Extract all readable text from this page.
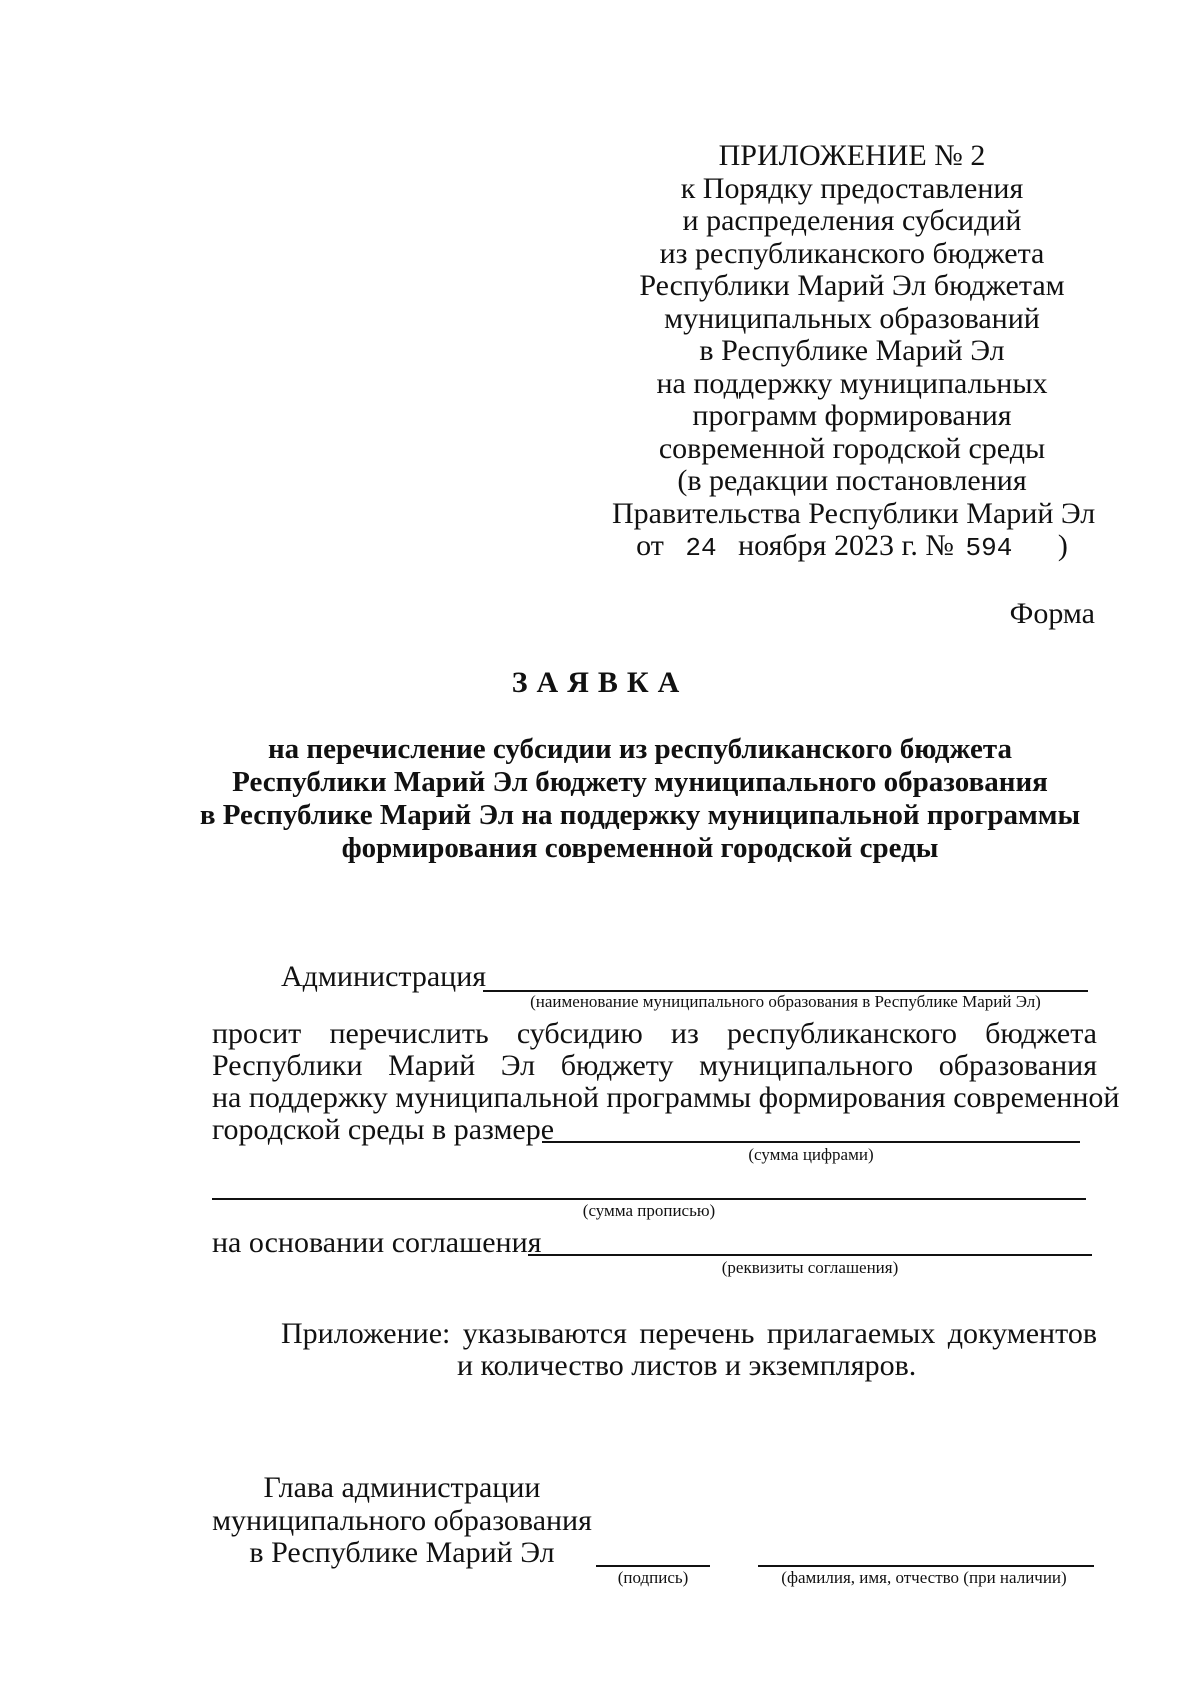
ПРИЛОЖЕНИЕ № 2
к Порядку предоставления
и распределения субсидий
из республиканского бюджета
Республики Марий Эл бюджетам
муниципальных образований
в Республике Марий Эл
на поддержку муниципальных
программ формирования
современной городской среды
(в редакции постановления
Правительства Республики Марий Эл
от 24 ноября 2023 г. № 594 )
Форма
ЗАЯВКА
на перечисление субсидии из республиканского бюджета
Республики Марий Эл бюджету муниципального образования
в Республике Марий Эл на поддержку муниципальной программы
формирования современной городской среды
Администрация
(наименование муниципального образования в Республике Марий Эл)
просит перечислить субсидию из республиканского бюджета
Республики Марий Эл бюджету муниципального образования
на поддержку муниципальной программы формирования современной
городской среды в размере
(сумма цифрами)
(сумма прописью)
на основании соглашения
(реквизиты соглашения)
Приложение: указываются перечень прилагаемых документов
и количество листов и экземпляров.
Глава администрации
муниципального образования
в Республике Марий Эл
(подпись)	(фамилия, имя, отчество (при наличии)
